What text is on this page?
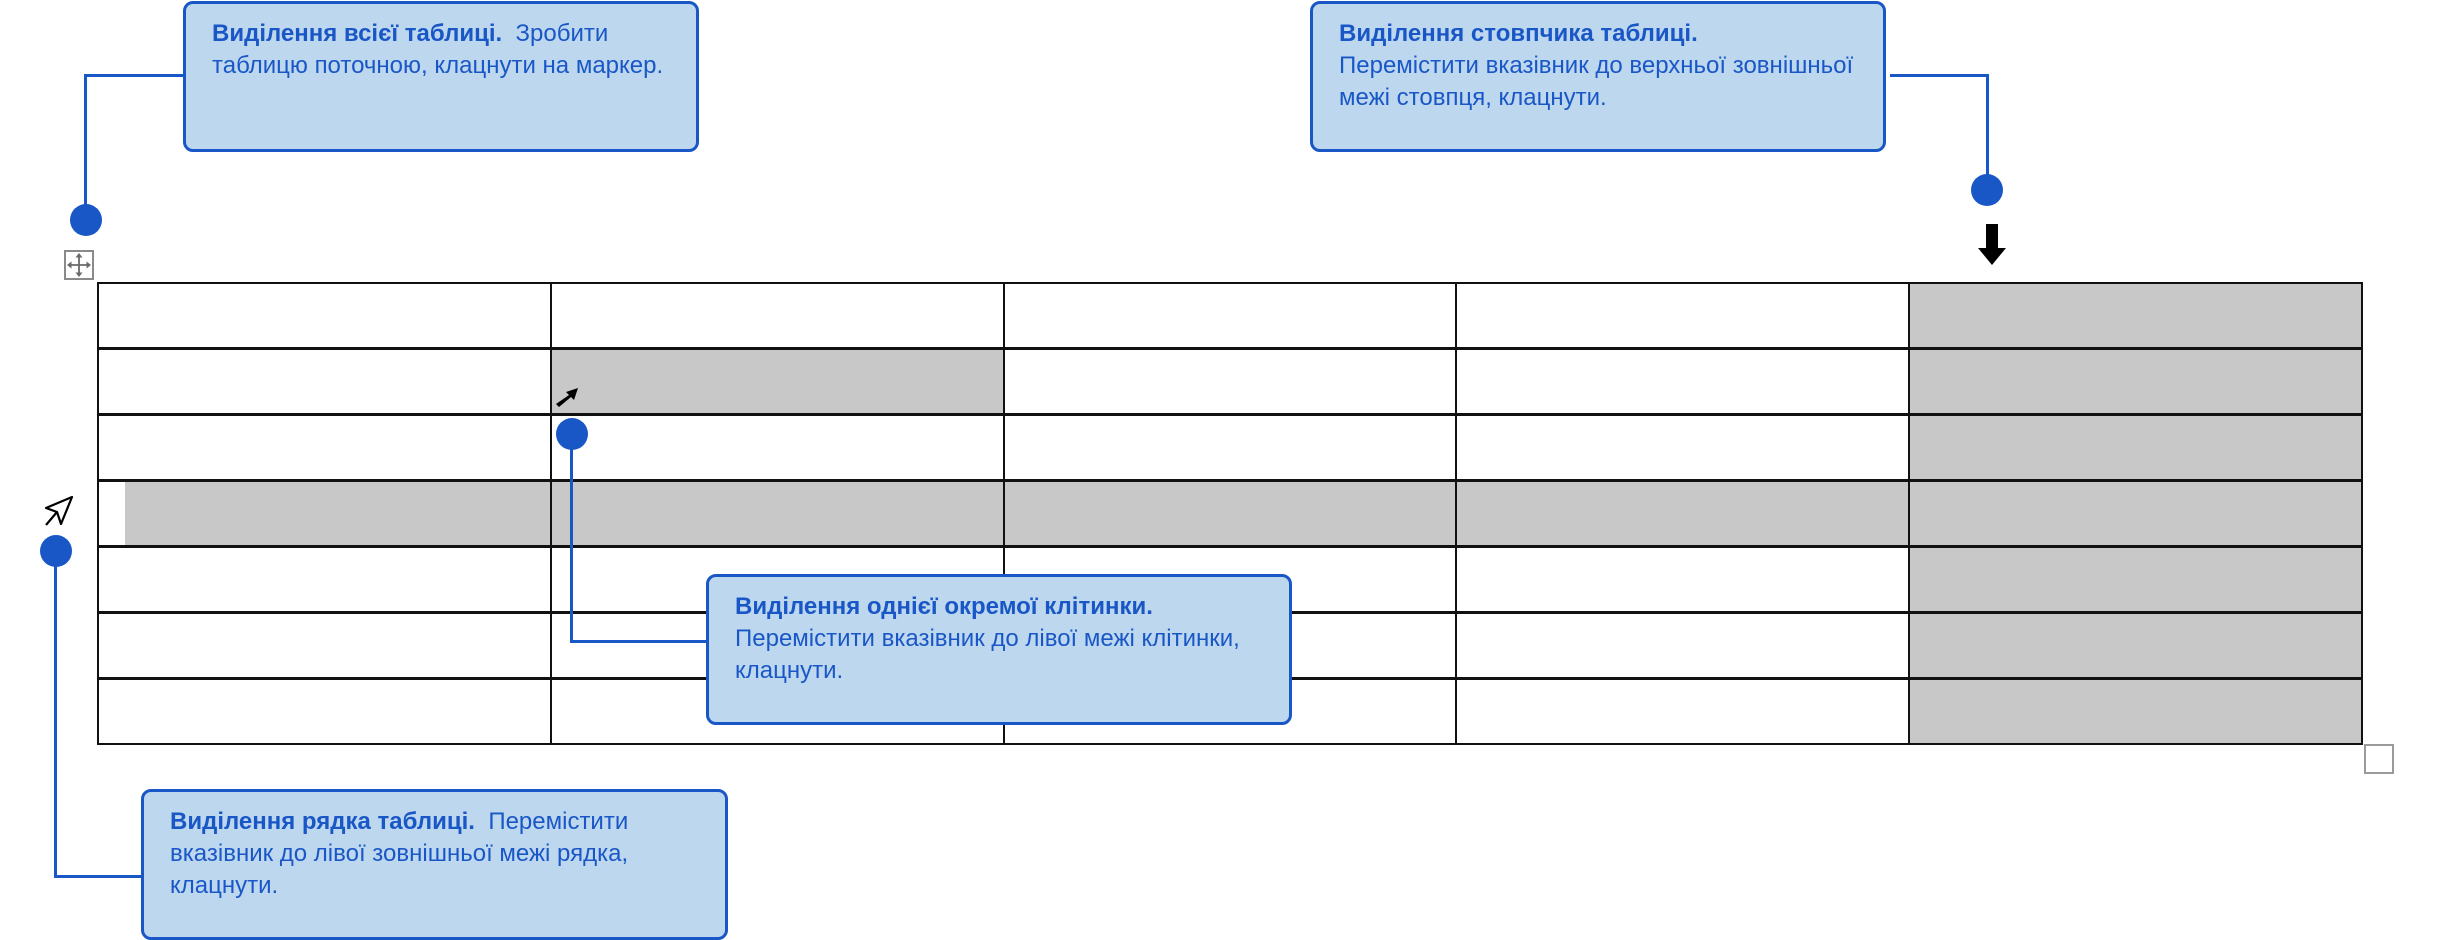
Виділення всієї таблиці. Зробити таблицю поточною, клацнути на маркер.
Виділення стовпчика таблиці.
Перемістити вказівник до верхньої зовнішньої межі стовпця, клацнути.
Виділення однієї окремої клітинки.
Перемістити вказівник до лівої межі клітинки, клацнути.
Виділення рядка таблиці. Перемістити вказівник до лівої зовнішньої межі рядка, клацнути.
